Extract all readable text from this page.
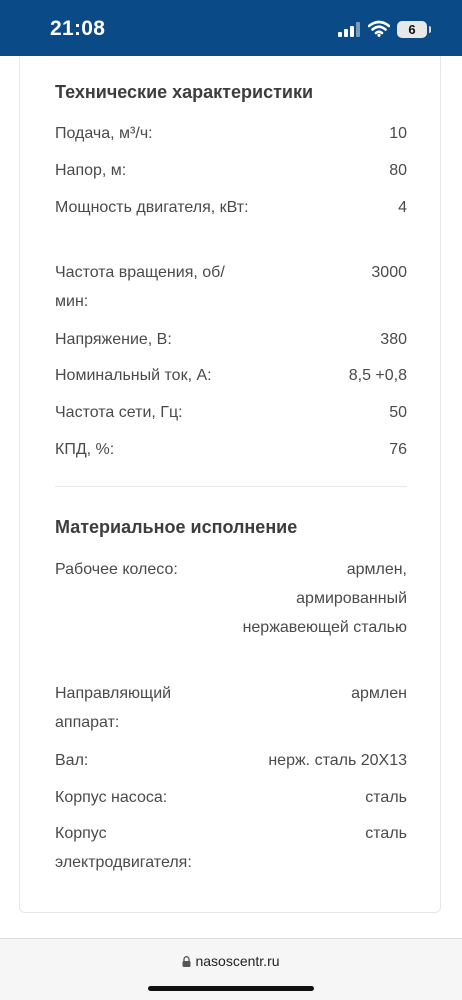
21:08	6
Технические характеристики
Подача, м³/ч:	10
Напор, м:	80
Мощность двигателя, кВт:	4
Частота вращения, об/мин:
3000
Напряжение, В:	380
Номинальный ток, А:	8,5 +0,8
Частота сети, Гц:	50
КПД, %:	76
Материальное исполнение
Рабочее колесо:	армлен, армированный нержавеющей сталью
Направляющий аппарат:
армлен
Вал:	нерж. сталь 20Х13
Корпус насоса:	сталь
Корпус электродвигателя:
сталь
nasoscentr.ru
